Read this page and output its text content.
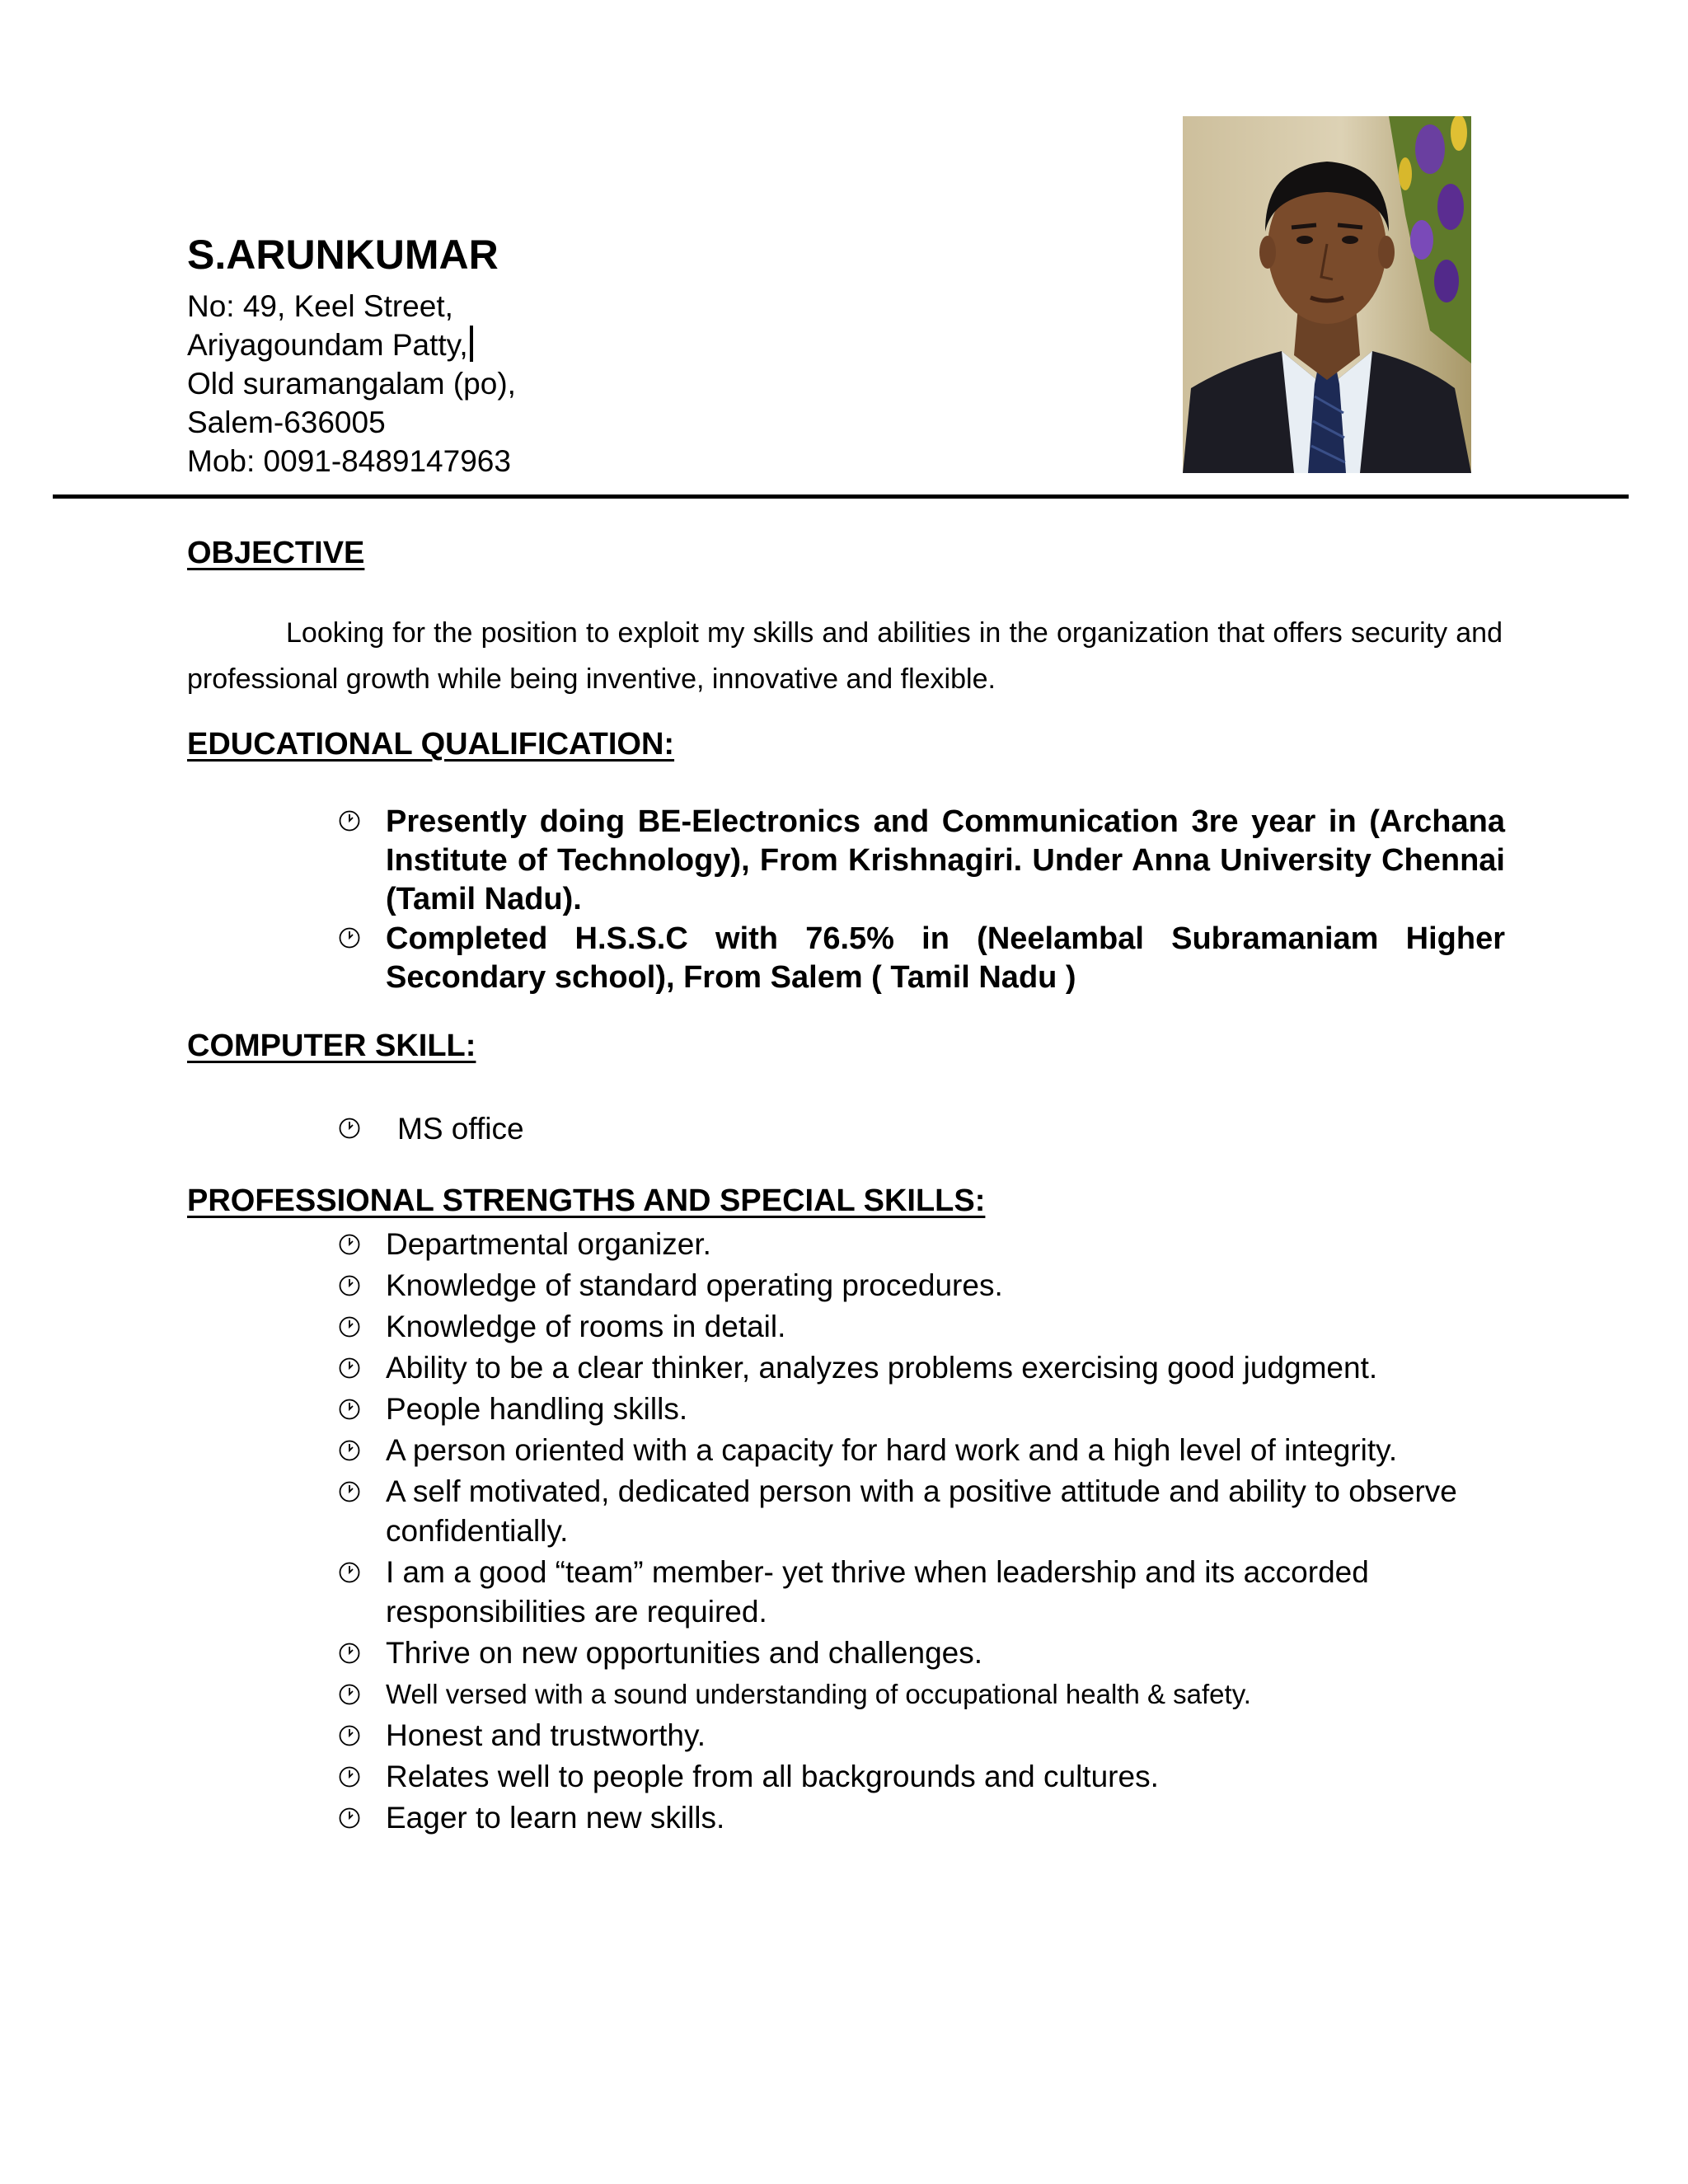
S.ARUNKUMAR
No: 49, Keel Street,
Ariyagoundam Patty,
Old suramangalam (po),
Salem-636005
Mob: 0091-8489147963
OBJECTIVE
Looking for the position to exploit my skills and abilities in the organization that offers security and professional growth while being inventive, innovative and flexible.
EDUCATIONAL QUALIFICATION:
Presently doing BE-Electronics and Communication 3re year in (Archana Institute of Technology), From Krishnagiri. Under Anna University Chennai (Tamil Nadu).
Completed H.S.S.C with 76.5% in (Neelambal Subramaniam Higher Secondary school), From Salem ( Tamil Nadu )
COMPUTER SKILL:
MS office
PROFESSIONAL STRENGTHS AND SPECIAL SKILLS:
Departmental organizer.
Knowledge of standard operating procedures.
Knowledge of rooms in detail.
Ability to be a clear thinker, analyzes problems exercising good judgment.
People handling skills.
A person oriented with a capacity for hard work and a high level of integrity.
A self motivated, dedicated person with a positive attitude and ability to observe confidentially.
I am a good “team” member- yet thrive when leadership and its accorded responsibilities are required.
Thrive on new opportunities and challenges.
Well versed with a sound understanding of occupational health & safety.
Honest and trustworthy.
Relates well to people from all backgrounds and cultures.
Eager to learn new skills.
